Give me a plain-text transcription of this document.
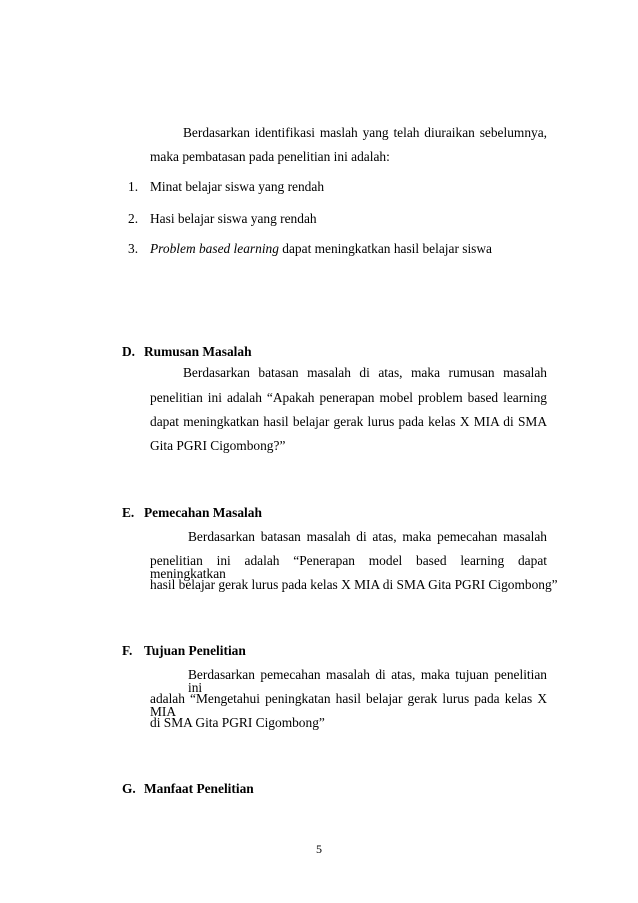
Berdasarkan identifikasi maslah yang telah diuraikan sebelumnya,
maka pembatasan pada penelitian ini adalah:
1. Minat belajar siswa yang rendah
2. Hasi belajar siswa yang rendah
3. Problem based learning dapat meningkatkan hasil belajar siswa
D. Rumusan Masalah
Berdasarkan batasan masalah di atas, maka rumusan masalah
penelitian ini adalah “Apakah penerapan mobel problem based learning
dapat meningkatkan hasil belajar gerak lurus pada kelas X MIA di SMA
Gita PGRI Cigombong?”
E. Pemecahan Masalah
Berdasarkan batasan masalah di atas, maka pemecahan masalah
penelitian ini adalah “Penerapan model based learning dapat meningkatkan
hasil belajar gerak lurus pada kelas X MIA di SMA Gita PGRI Cigombong”
F. Tujuan Penelitian
Berdasarkan pemecahan masalah di atas, maka tujuan penelitian ini
adalah “Mengetahui peningkatan hasil belajar gerak lurus pada kelas X MIA
di SMA Gita PGRI Cigombong”
G. Manfaat Penelitian
5
